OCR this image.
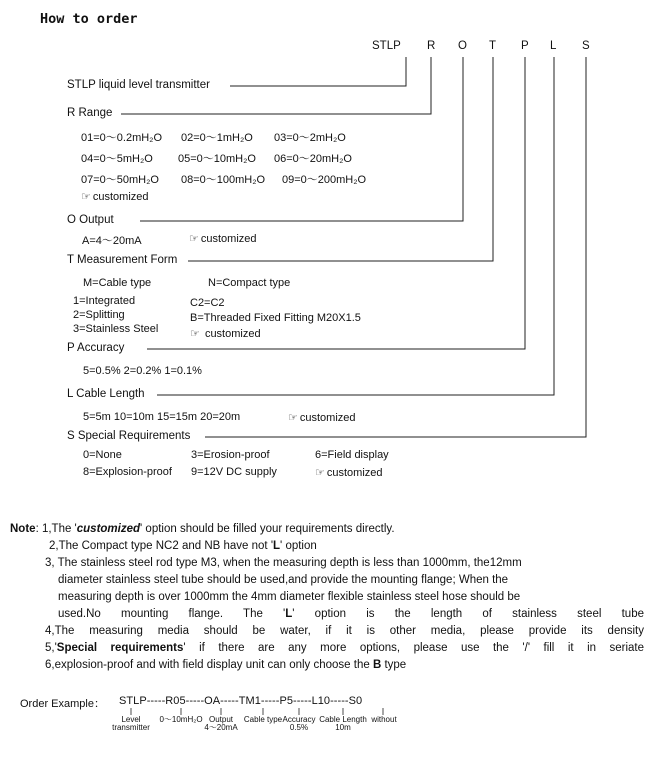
How to order
STLP R O T P L S
STLP liquid level transmitter
R Range
01=0～0.2mH₂O 02=0～1mH₂O 03=0～2mH₂O
04=0～5mH₂O 05=0～10mH₂O 06=0～20mH₂O
07=0～50mH₂O 08=0～100mH₂O 09=0～200mH₂O
☞ customized
O Output
A=4～20mA	☞ customized
T Measurement Form
M=Cable type	N=Compact type
1=Integrated
2=Splitting
3=Stainless Steel
C2=C2
B=Threaded Fixed Fitting M20X1.5
☞ customized
P Accuracy
5=0.5% 2=0.2% 1=0.1%
L Cable Length
5=5m 10=10m 15=15m 20=20m	☞ customized
S Special Requirements
0=None	3=Erosion-proof	6=Field display
8=Explosion-proof 9=12V DC supply	☞ customized
Note: 1,The 'customized' option should be filled your requirements directly.
2,The Compact type NC2 and NB have not 'L' option
3, The stainless steel rod type M3, when the measuring depth is less than 1000mm, the12mm
diameter stainless steel tube should be used,and provide the mounting flange; When the
measuring depth is over 1000mm the 4mm diameter flexible stainless steel hose should be
used.No mounting flange. The 'L' option is the length of stainless steel tube
4,The measuring media should be water, if it is other media, please provide its density
5,'Special requirements' if there are any more options, please use the '/' fill it in seriate
6,explosion-proof and with field display unit can only choose the B type
Order Example： STLP-----R05-----OA-----TM1-----P5-----L10-----S0
Level
transmitter
0～10mH₂O Output
4～20mA
Cable type Accuracy
0.5%
Cable Length
10m
without
